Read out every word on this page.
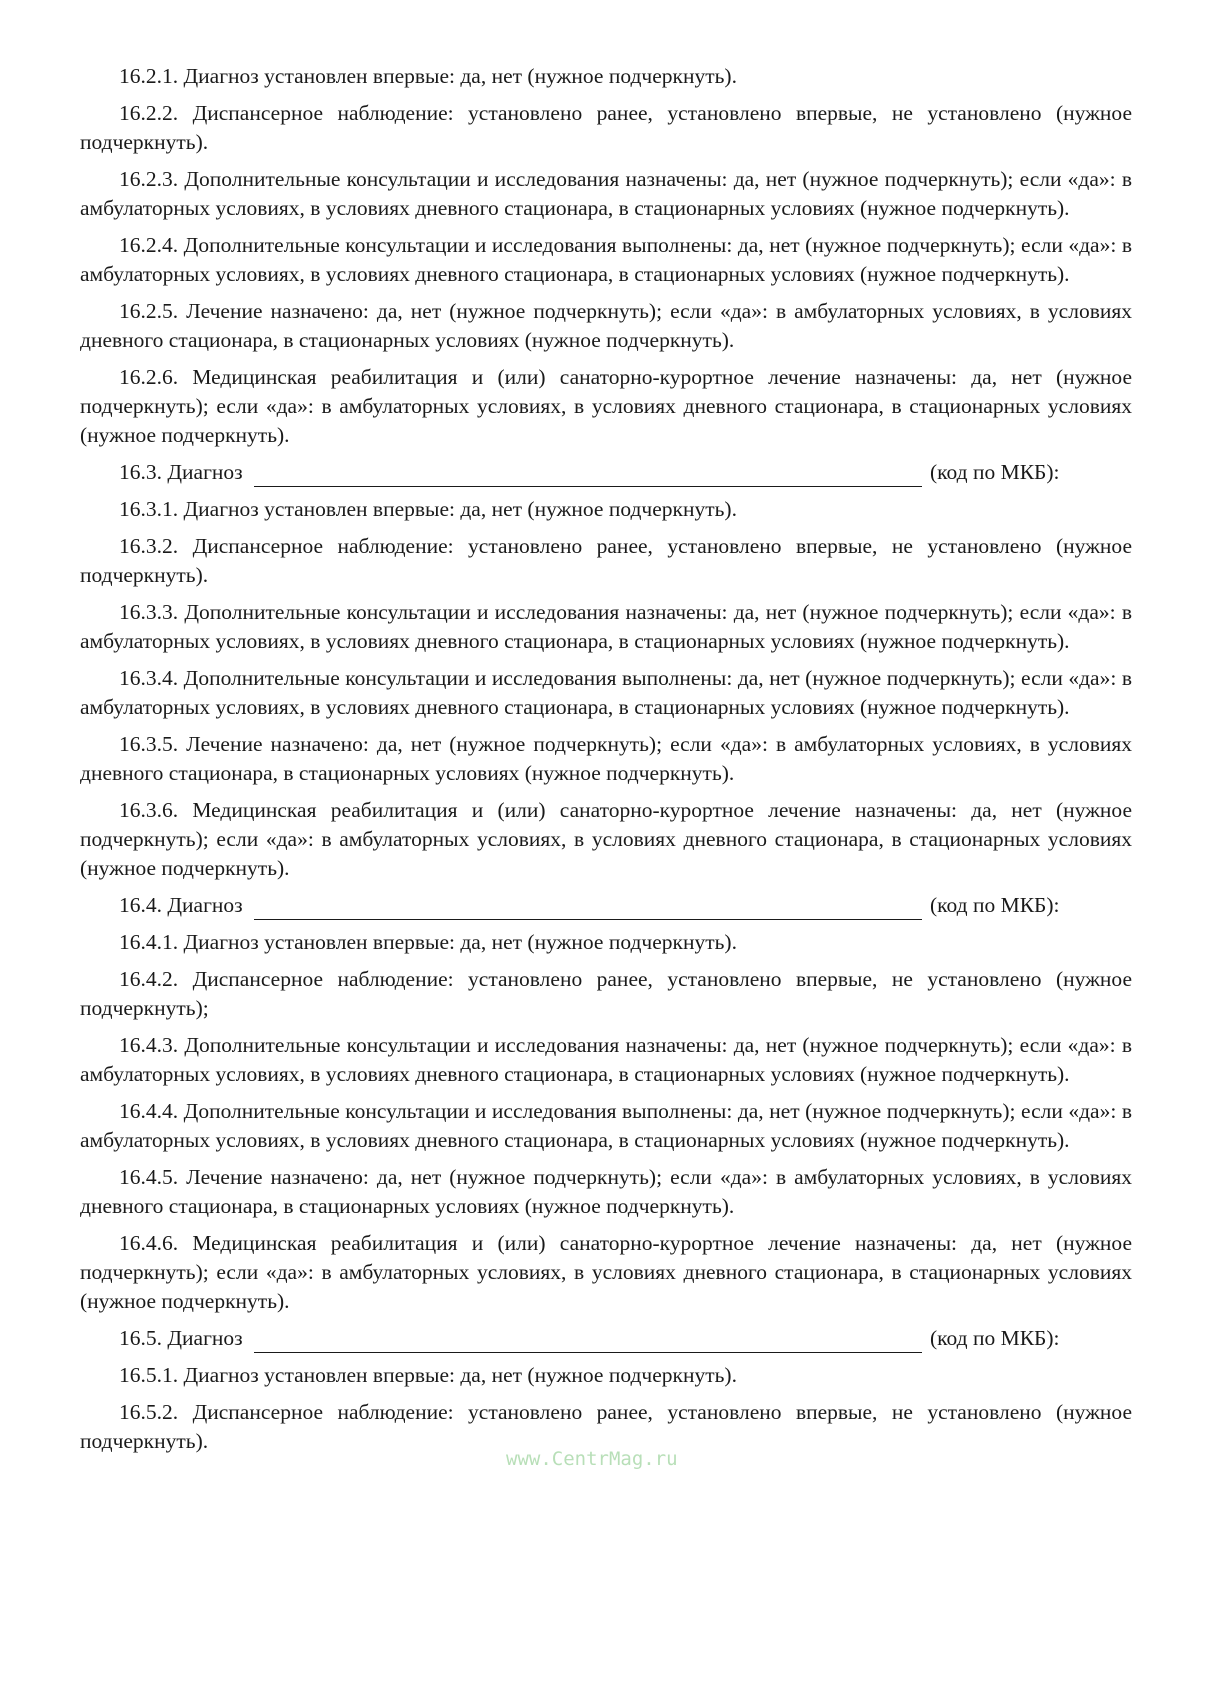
16.2.1. Диагноз установлен впервые: да, нет (нужное подчеркнуть).

16.2.2. Диспансерное наблюдение: установлено ранее, установлено впервые, не установлено (нужное подчеркнуть).

16.2.3. Дополнительные консультации и исследования назначены: да, нет (нужное подчеркнуть); если «да»: в амбулаторных условиях, в условиях дневного стационара, в стационарных условиях (нужное подчеркнуть).

16.2.4. Дополнительные консультации и исследования выполнены: да, нет (нужное подчеркнуть); если «да»: в амбулаторных условиях, в условиях дневного стационара, в стационарных условиях (нужное подчеркнуть).

16.2.5. Лечение назначено: да, нет (нужное подчеркнуть); если «да»: в амбулаторных условиях, в условиях дневного стационара, в стационарных условиях (нужное подчеркнуть).

16.2.6. Медицинская реабилитация и (или) санаторно-курортное лечение назначены: да, нет (нужное подчеркнуть); если «да»: в амбулаторных условиях, в условиях дневного стационара, в стационарных условиях (нужное подчеркнуть).

16.3. Диагноз	(код по МКБ):

16.3.1. Диагноз установлен впервые: да, нет (нужное подчеркнуть).

16.3.2. Диспансерное наблюдение: установлено ранее, установлено впервые, не установлено (нужное подчеркнуть).

16.3.3. Дополнительные консультации и исследования назначены: да, нет (нужное подчеркнуть); если «да»: в амбулаторных условиях, в условиях дневного стационара, в стационарных условиях (нужное подчеркнуть).

16.3.4. Дополнительные консультации и исследования выполнены: да, нет (нужное подчеркнуть); если «да»: в амбулаторных условиях, в условиях дневного стационара, в стационарных условиях (нужное подчеркнуть).

16.3.5. Лечение назначено: да, нет (нужное подчеркнуть); если «да»: в амбулаторных условиях, в условиях дневного стационара, в стационарных условиях (нужное подчеркнуть).

16.3.6. Медицинская реабилитация и (или) санаторно-курортное лечение назначены: да, нет (нужное подчеркнуть); если «да»: в амбулаторных условиях, в условиях дневного стационара, в стационарных условиях (нужное подчеркнуть).

16.4. Диагноз	(код по МКБ):

16.4.1. Диагноз установлен впервые: да, нет (нужное подчеркнуть).

16.4.2. Диспансерное наблюдение: установлено ранее, установлено впервые, не установлено (нужное подчеркнуть);

16.4.3. Дополнительные консультации и исследования назначены: да, нет (нужное подчеркнуть); если «да»: в амбулаторных условиях, в условиях дневного стационара, в стационарных условиях (нужное подчеркнуть).

16.4.4. Дополнительные консультации и исследования выполнены: да, нет (нужное подчеркнуть); если «да»: в амбулаторных условиях, в условиях дневного стационара, в стационарных условиях (нужное подчеркнуть).

16.4.5. Лечение назначено: да, нет (нужное подчеркнуть); если «да»: в амбулаторных условиях, в условиях дневного стационара, в стационарных условиях (нужное подчеркнуть).

16.4.6. Медицинская реабилитация и (или) санаторно-курортное лечение назначены: да, нет (нужное подчеркнуть); если «да»: в амбулаторных условиях, в условиях дневного стационара, в стационарных условиях (нужное подчеркнуть).

16.5. Диагноз	(код по МКБ):

16.5.1. Диагноз установлен впервые: да, нет (нужное подчеркнуть).

16.5.2. Диспансерное наблюдение: установлено ранее, установлено впервые, не установлено (нужное подчеркнуть).

www.CentrMag.ru
